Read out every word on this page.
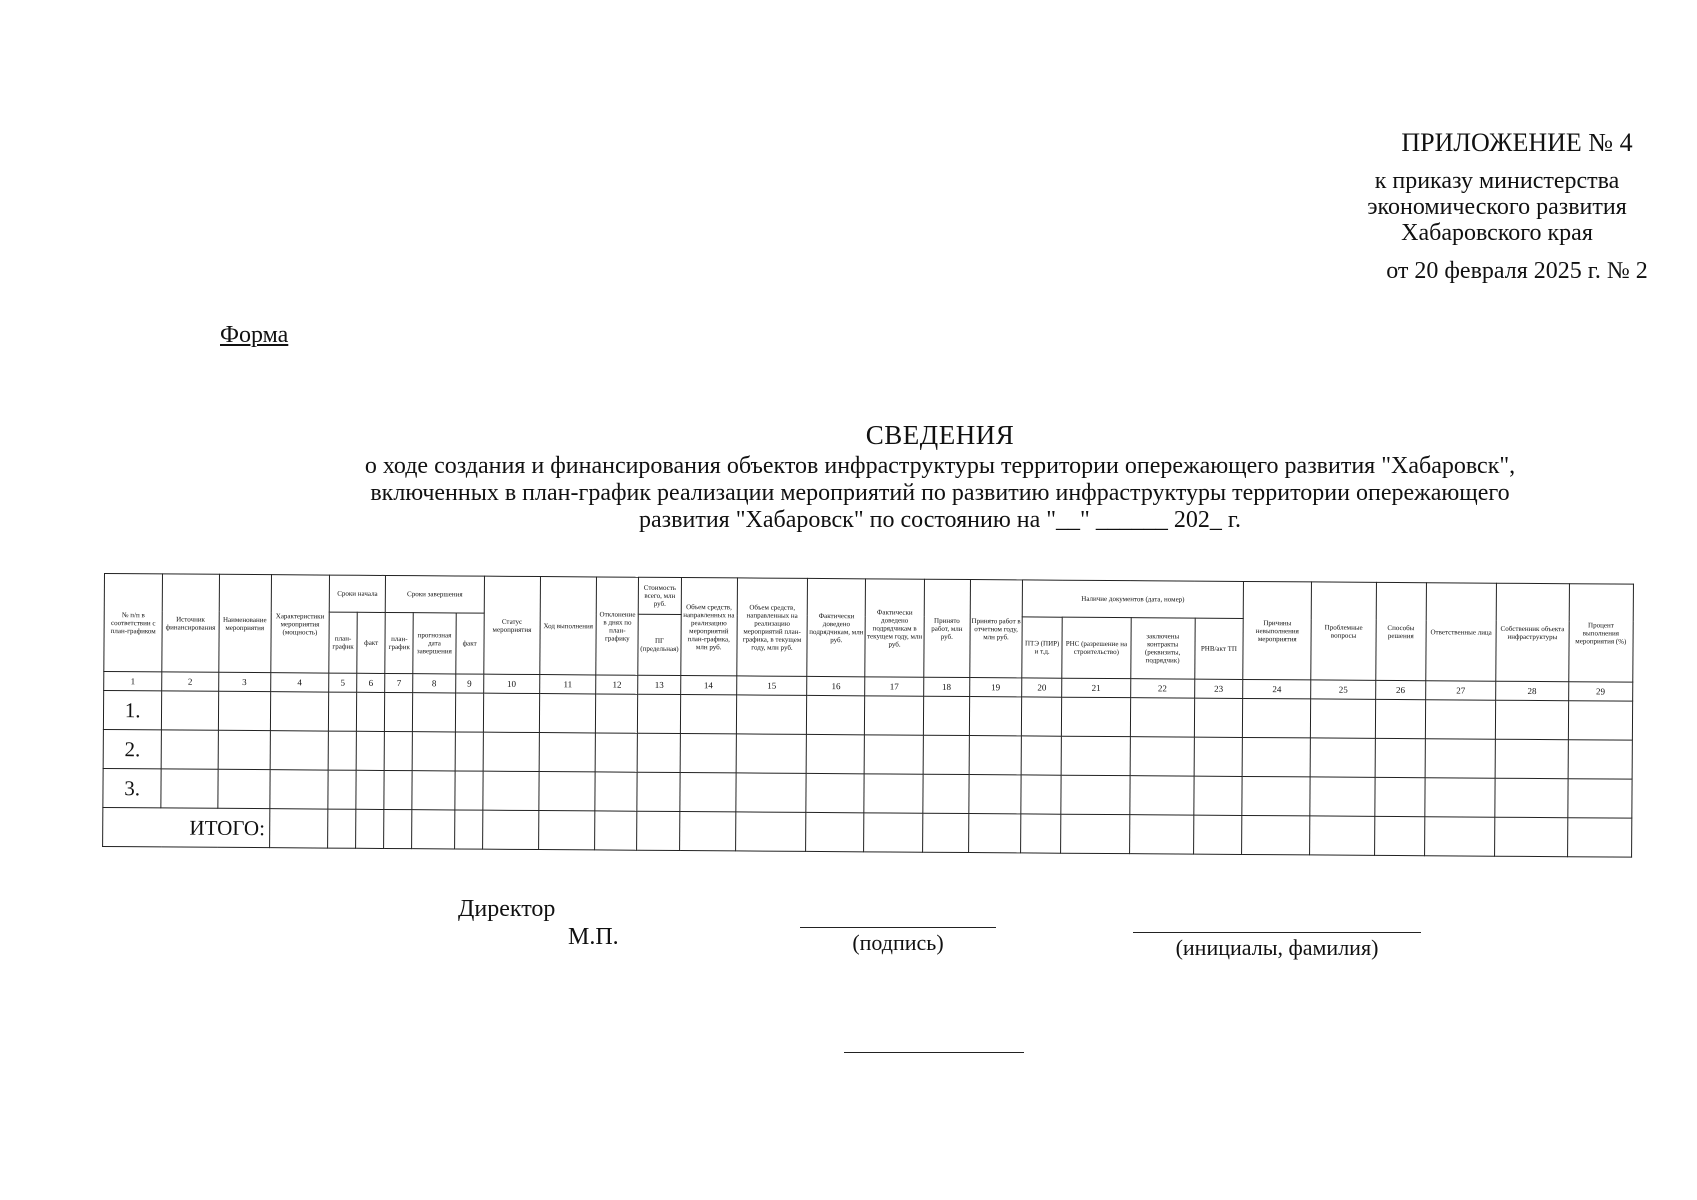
ПРИЛОЖЕНИЕ № 4
к приказу министерства
экономического развития
Хабаровского края
от 20 февраля 2025 г. № 2
Форма
СВЕДЕНИЯ
о ходе создания и финансирования объектов инфраструктуры территории опережающего развития "Хабаровск",
включенных в план-график реализации мероприятий по развитию инфраструктуры территории опережающего
развития "Хабаровск" по состоянию на "__" ______ 202_ г.
№ п/п в соответствии с план-графиком	Источник финансирования	Наименование мероприятия	Характеристики мероприятия (мощность)	Сроки начала		Сроки завершения			Статус мероприятия	Ход выполнения	Отклонение в днях по план-графику	Стоимость всего, млн руб.	Объем средств, направленных на реализацию мероприятий план-графика, млн руб.	Объем средств, направленных на реализацию мероприятий план-графика, в текущем году, млн руб.	Фактически доведено подрядчикам, млн руб.	Фактически доведено подрядчикам в текущем году, млн руб.	Принято работ, млн руб.	Принято работ в отчетном году, млн руб.	Наличие документов (дата, номер)				Причины невыполнения мероприятия	Проблемные вопросы	Способы решения	Ответственные лица	Собственник объекта инфраструктуры	Процент выполнения мероприятия (%)
				план-график	факт	план-график	прогнозная дата завершения	факт				ПГ (предельная)							ПТЭ (ПИР) и т.д.	РНС (разрешение на строительство)	заключены контракты (реквизиты, подрядчик)	РНВ/акт ТП						

1	2	3	4	5	6	7	8	9	10	11	12	13	14	15	16	17	18	19	20	21	22	23	24	25	26	27	28	29
1.																												
2.																												
3.																												
ИТОГО:																												
Директор
М.П.	(подпись)	(инициалы, фамилия)
